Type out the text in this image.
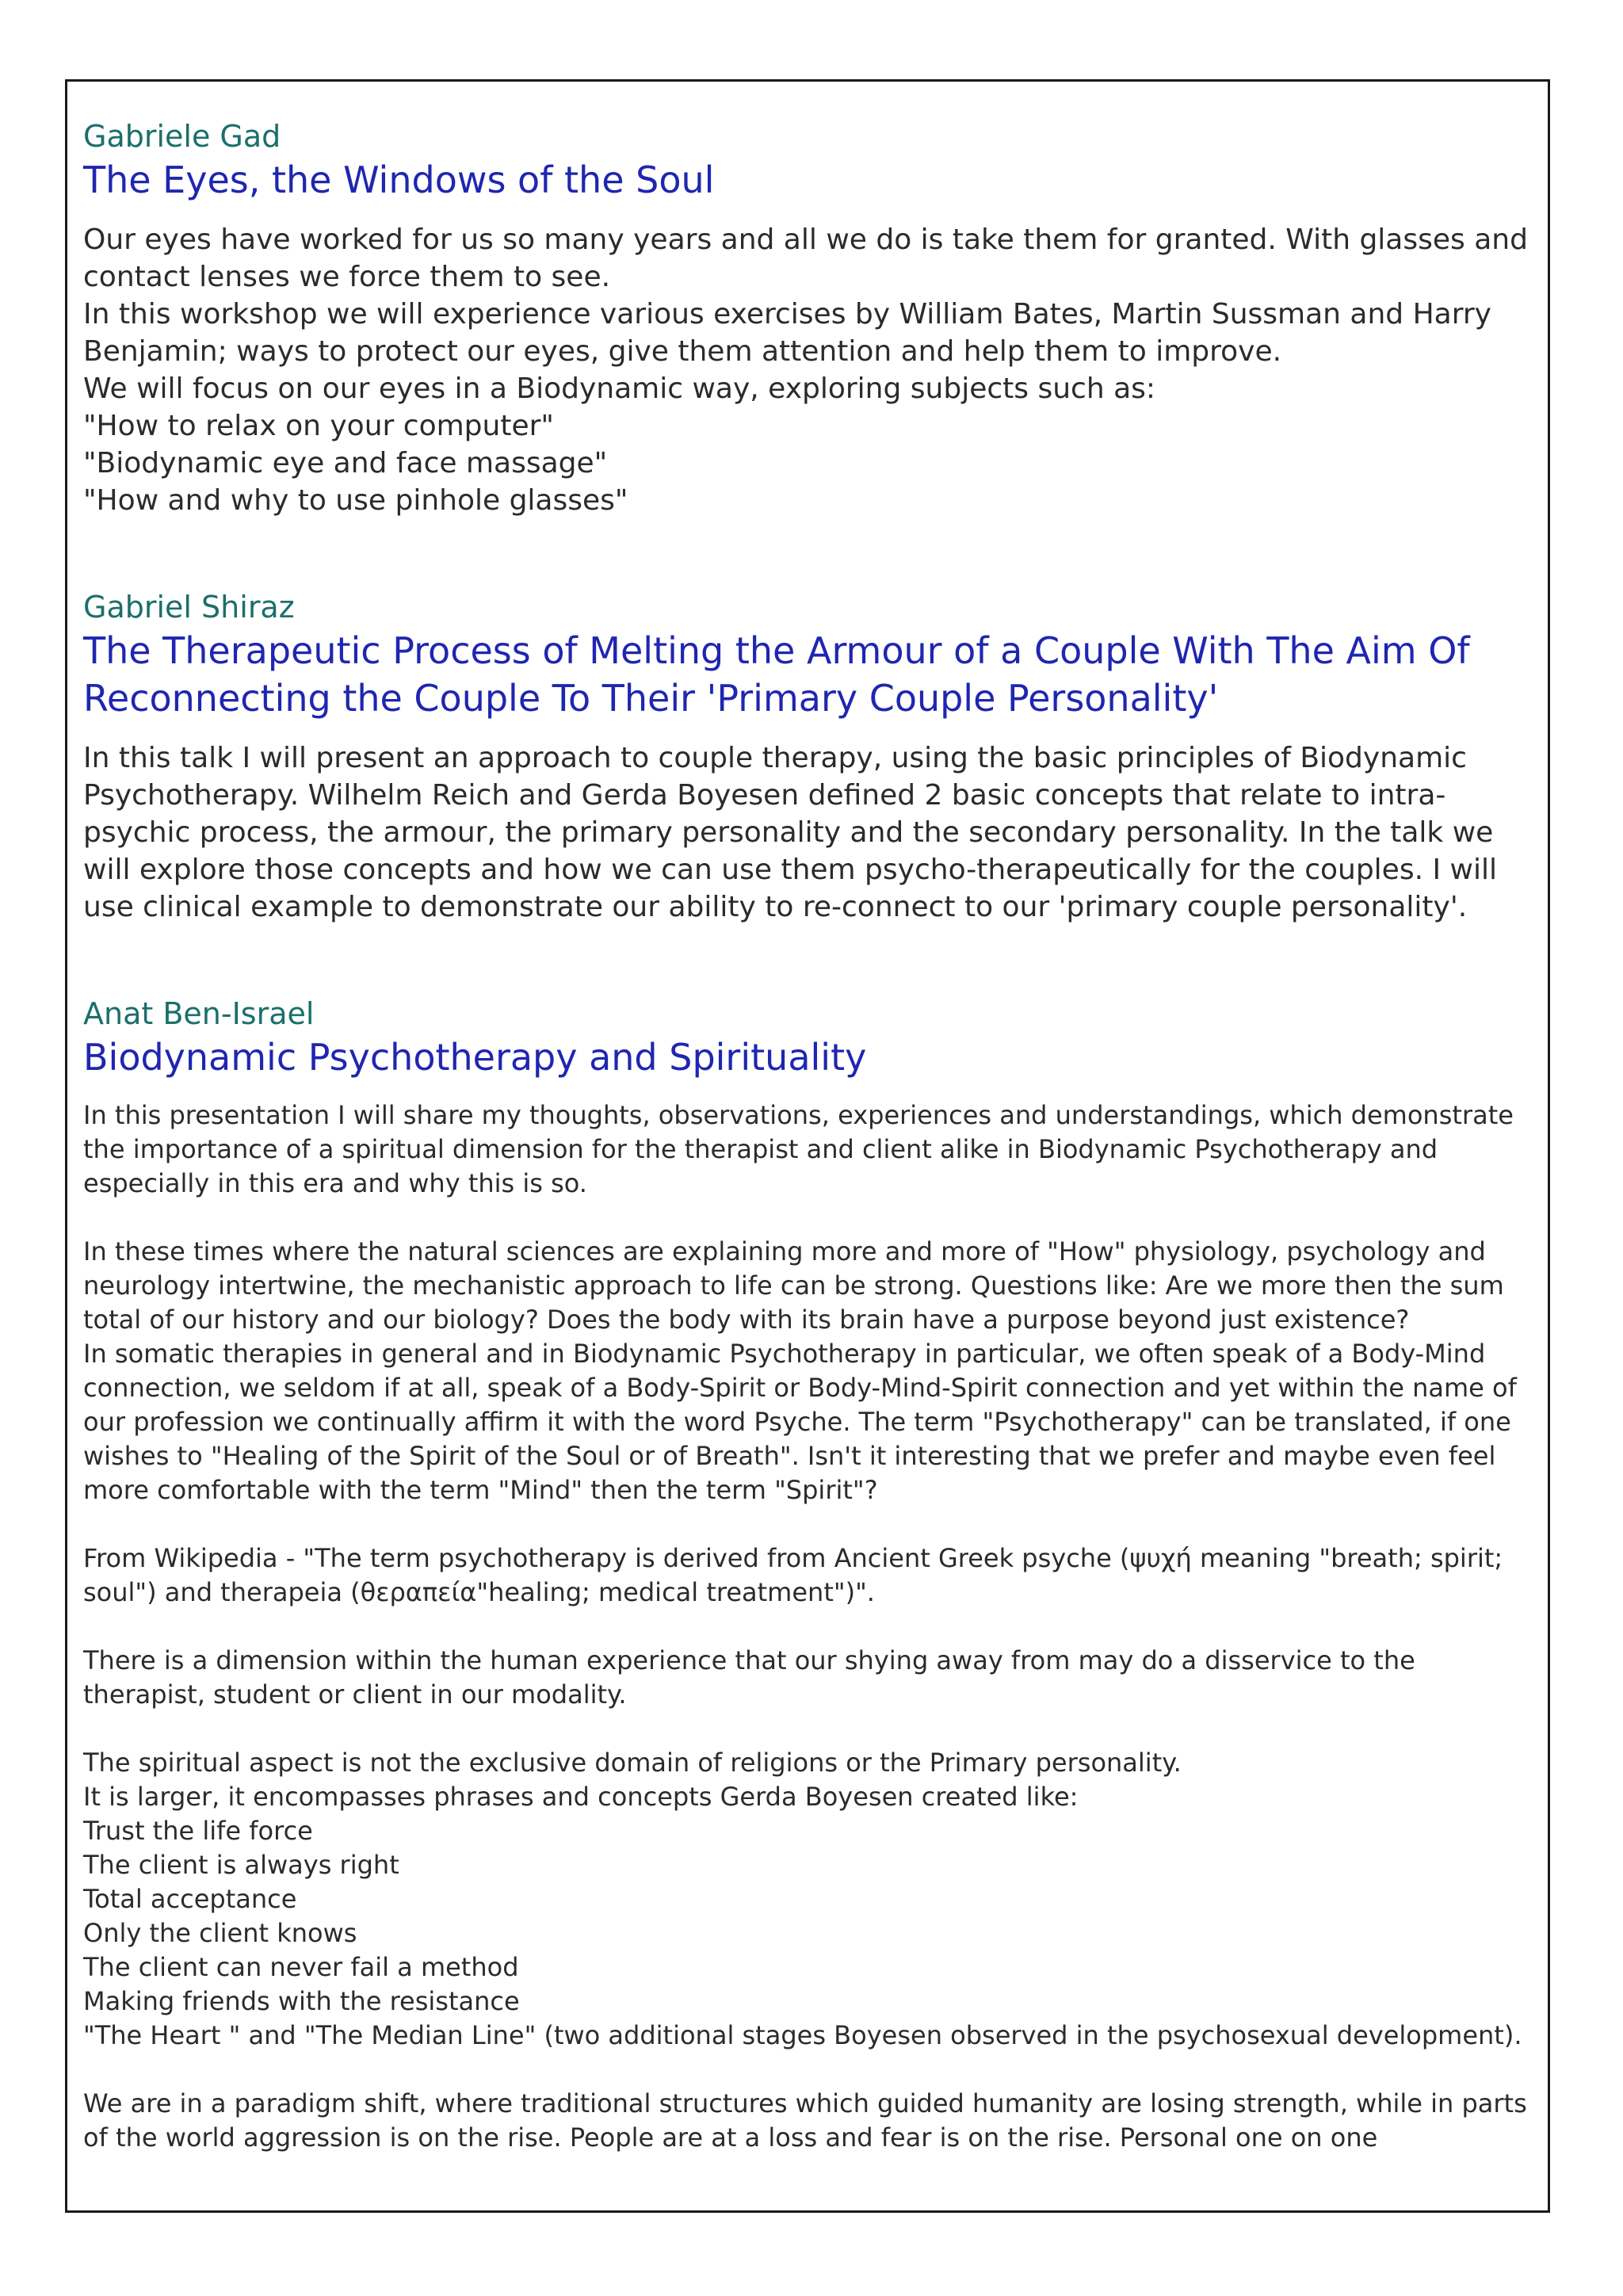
Gabriele Gad

The Eyes, the Windows of the Soul

Our eyes have worked for us so many years and all we do is take them for granted. With glasses and contact lenses we force them to see.
In this workshop we will experience various exercises by William Bates, Martin Sussman and Harry Benjamin; ways to protect our eyes, give them attention and help them to improve.
We will focus on our eyes in a Biodynamic way, exploring subjects such as:
"How to relax on your computer"
"Biodynamic eye and face massage"
"How and why to use pinhole glasses"

Gabriel Shiraz

The Therapeutic Process of Melting the Armour of a Couple With The Aim Of Reconnecting the Couple To Their 'Primary Couple Personality'

In this talk I will present an approach to couple therapy, using the basic principles of Biodynamic Psychotherapy. Wilhelm Reich and Gerda Boyesen defined 2 basic concepts that relate to intra-psychic process, the armour, the primary personality and the secondary personality. In the talk we will explore those concepts and how we can use them psycho-therapeutically for the couples. I will use clinical example to demonstrate our ability to re-connect to our 'primary couple personality'.

Anat Ben-Israel

Biodynamic Psychotherapy and Spirituality

In this presentation I will share my thoughts, observations, experiences and understandings, which demonstrate the importance of a spiritual dimension for the therapist and client alike in Biodynamic Psychotherapy and especially in this era and why this is so.

In these times where the natural sciences are explaining more and more of "How" physiology, psychology and neurology intertwine, the mechanistic approach to life can be strong. Questions like: Are we more then the sum total of our history and our biology? Does the body with its brain have a purpose beyond just existence?
In somatic therapies in general and in Biodynamic Psychotherapy in particular, we often speak of a Body-Mind connection, we seldom if at all, speak of a Body-Spirit or Body-Mind-Spirit connection and yet within the name of our profession we continually affirm it with the word Psyche. The term "Psychotherapy" can be translated, if one wishes to "Healing of the Spirit of the Soul or of Breath". Isn't it interesting that we prefer and maybe even feel more comfortable with the term "Mind" then the term "Spirit"?

From Wikipedia - "The term psychotherapy is derived from Ancient Greek psyche (ψυχή meaning "breath; spirit; soul") and therapeia (θεραπεία"healing; medical treatment")".

There is a dimension within the human experience that our shying away from may do a disservice to the therapist, student or client in our modality.

The spiritual aspect is not the exclusive domain of religions or the Primary personality.
It is larger, it encompasses phrases and concepts Gerda Boyesen created like:
Trust the life force
The client is always right
Total acceptance
Only the client knows
The client can never fail a method
Making friends with the resistance
"The Heart " and "The Median Line" (two additional stages Boyesen observed in the psychosexual development).

We are in a paradigm shift, where traditional structures which guided humanity are losing strength, while in parts of the world aggression is on the rise. People are at a loss and fear is on the rise. Personal one on one
